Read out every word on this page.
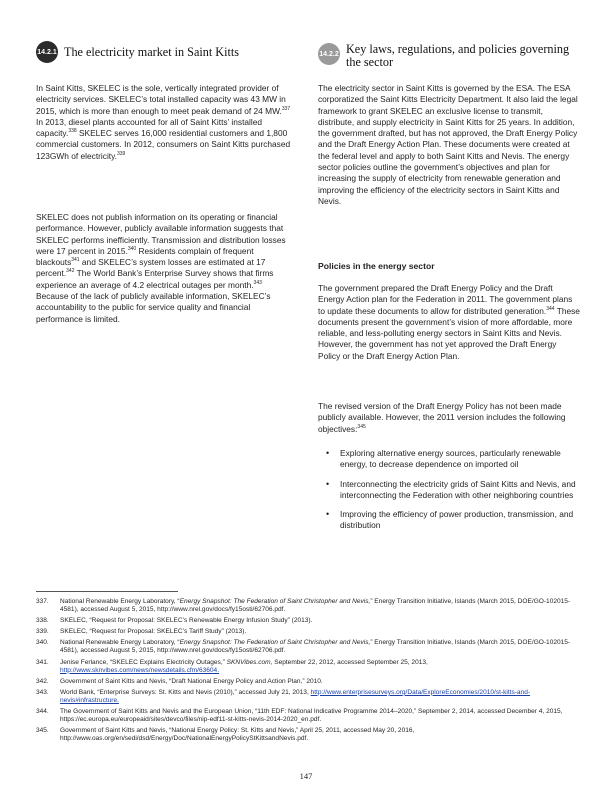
14.2.1 The electricity market in Saint Kitts

In Saint Kitts, SKELEC is the sole, vertically integrated provider of electricity services. SKELEC’s total installed capacity was 43 MW in 2015, which is more than enough to meet peak demand of 24 MW.$^{337}$ In 2013, diesel plants accounted for all of Saint Kitts’ installed capacity.$^{338}$ SKELEC serves 16,000 residential customers and 1,800 commercial customers. In 2012, consumers on Saint Kitts purchased 123GWh of electricity.$^{339}$

SKELEC does not publish information on its operating or financial performance. However, publicly available information suggests that SKELEC performs inefficiently. Transmission and distribution losses were 17 percent in 2015.$^{340}$ Residents complain of frequent blackouts$^{341}$ and SKELEC’s system losses are estimated at 17 percent.$^{342}$ The World Bank’s Enterprise Survey shows that firms experience an average of 4.2 electrical outages per month.$^{343}$ Because of the lack of publicly available information, SKELEC’s accountability to the public for service quality and financial performance is limited.

14.2.2 Key laws, regulations, and policies governing the sector

The electricity sector in Saint Kitts is governed by the ESA. The ESA corporatized the Saint Kitts Electricity Department. It also laid the legal framework to grant SKELEC an exclusive license to transmit, distribute, and supply electricity in Saint Kitts for 25 years. In addition, the government drafted, but has not approved, the Draft Energy Policy and the Draft Energy Action Plan. These documents were created at the federal level and apply to both Saint Kitts and Nevis. The energy sector policies outline the government’s objectives and plan for increasing the supply of electricity from renewable generation and improving the efficiency of the electricity sectors in Saint Kitts and Nevis.

Policies in the energy sector

The government prepared the Draft Energy Policy and the Draft Energy Action plan for the Federation in 2011. The government plans to update these documents to allow for distributed generation.$^{344}$ These documents present the government’s vision of more affordable, more reliable, and less-polluting energy sectors in Saint Kitts and Nevis. However, the government has not yet approved the Draft Energy Policy or the Draft Energy Action Plan.

The revised version of the Draft Energy Policy has not been made publicly available. However, the 2011 version includes the following objectives:$^{345}$

• Exploring alternative energy sources, particularly renewable energy, to decrease dependence on imported oil
• Interconnecting the electricity grids of Saint Kitts and Nevis, and interconnecting the Federation with other neighboring countries
• Improving the efficiency of power production, transmission, and distribution
337.	National Renewable Energy Laboratory, “Energy Snapshot: The Federation of Saint Christopher and Nevis,” Energy Transition Initiative, Islands (March 2015, DOE/GO-102015-4581), accessed August 5, 2015, http://www.nrel.gov/docs/fy15osti/62706.pdf.
338.	SKELEC, “Request for Proposal: SKELEC’s Renewable Energy Infusion Study” (2013).
339.	SKELEC, “Request for Proposal: SKELEC’s Tariff Study” (2013).
340.	National Renewable Energy Laboratory, “Energy Snapshot: The Federation of Saint Christopher and Nevis,” Energy Transition Initiative, Islands (March 2015, DOE/GO-102015-4581), accessed August 5, 2015, http://www.nrel.gov/docs/fy15osti/62706.pdf.
341.	Jenise Ferlance, “SKELEC Explains Electricity Outages,” SKNVibes.com, September 22, 2012, accessed September 25, 2013, http://www.sknvibes.com/news/newsdetails.cfm/63604.
342.	Government of Saint Kitts and Nevis, “Draft National Energy Policy and Action Plan,” 2010.
343.	World Bank, “Enterprise Surveys: St. Kitts and Nevis (2010),” accessed July 21, 2013, http://www.enterprisesurveys.org/Data/ExploreEconomies/2010/st-kitts-and-nevis#infrastructure.
344.	The Government of Saint Kitts and Nevis and the European Union, “11th EDF: National Indicative Programme 2014–2020,” September 2, 2014, accessed December 4, 2015, https://ec.europa.eu/europeaid/sites/devco/files/nip-edf11-st-kitts-nevis-2014-2020_en.pdf.
345.	Government of Saint Kitts and Nevis, “National Energy Policy: St. Kitts and Nevis,” April 25, 2011, accessed May 20, 2016, http://www.oas.org/en/sedi/dsd/Energy/Doc/NationalEnergyPolicyStKittsandNevis.pdf.
147
